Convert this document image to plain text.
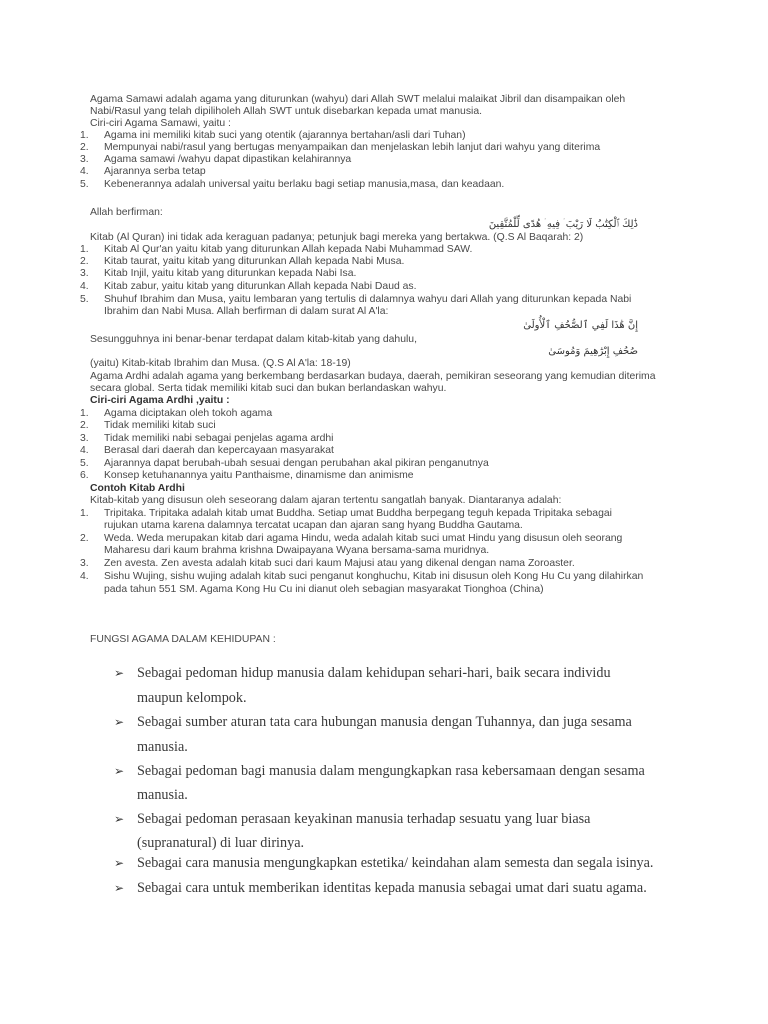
Agama Samawi adalah agama yang diturunkan (wahyu) dari Allah SWT melalui malaikat Jibril dan disampaikan oleh
Nabi/Rasul yang telah dipiliholeh Allah SWT untuk disebarkan kepada umat manusia.
Ciri-ciri Agama Samawi, yaitu :
1. Agama ini memiliki kitab suci yang otentik (ajarannya bertahan/asli dari Tuhan)
2. Mempunyai nabi/rasul yang bertugas menyampaikan dan menjelaskan lebih lanjut dari wahyu yang diterima
3. Agama samawi /wahyu dapat dipastikan kelahirannya
4. Ajarannya serba tetap
5. Kebenerannya adalah universal yaitu berlaku bagi setiap manusia,masa, dan keadaan.
Allah berfirman:
ذَٰلِكَ ٱلْكِتَٰبُ لَا رَيْبَ ۛ فِيهِ ۛ هُدًى لِّلْمُتَّقِينَ
Kitab (Al Quran) ini tidak ada keraguan padanya; petunjuk bagi mereka yang bertakwa. (Q.S Al Baqarah: 2)
1. Kitab Al Qur'an yaitu kitab yang diturunkan Allah kepada Nabi Muhammad SAW.
2. Kitab taurat, yaitu kitab yang diturunkan Allah kepada Nabi Musa.
3. Kitab Injil, yaitu kitab yang diturunkan kepada Nabi Isa.
4. Kitab zabur, yaitu kitab yang diturunkan Allah kepada Nabi Daud as.
5. Shuhuf Ibrahim dan Musa, yaitu lembaran yang tertulis di dalamnya wahyu dari Allah yang diturunkan kepada Nabi
Ibrahim dan Nabi Musa. Allah berfirman di dalam surat Al A'la:
إِنَّ هَٰذَا لَفِي ٱلصُّحُفِ ٱلْأُولَىٰ
Sesungguhnya ini benar-benar terdapat dalam kitab-kitab yang dahulu,
صُحُفِ إِبْرَٰهِيمَ وَمُوسَىٰ
(yaitu) Kitab-kitab Ibrahim dan Musa. (Q.S Al A'la: 18-19)
Agama Ardhi adalah agama yang berkembang berdasarkan budaya, daerah, pemikiran seseorang yang kemudian diterima
secara global. Serta tidak memiliki kitab suci dan bukan berlandaskan wahyu.
Ciri-ciri Agama Ardhi ,yaitu :
1. Agama diciptakan oleh tokoh agama
2. Tidak memiliki kitab suci
3. Tidak memiliki nabi sebagai penjelas agama ardhi
4. Berasal dari daerah dan kepercayaan masyarakat
5. Ajarannya dapat berubah-ubah sesuai dengan perubahan akal pikiran penganutnya
6. Konsep ketuhanannya yaitu Panthaisme, dinamisme dan animisme
Contoh Kitab Ardhi
Kitab-kitab yang disusun oleh seseorang dalam ajaran tertentu sangatlah banyak. Diantaranya adalah:
1. Tripitaka. Tripitaka adalah kitab umat Buddha. Setiap umat Buddha berpegang teguh kepada Tripitaka sebagai
rujukan utama karena dalamnya tercatat ucapan dan ajaran sang hyang Buddha Gautama.
2. Weda. Weda merupakan kitab dari agama Hindu, weda adalah kitab suci umat Hindu yang disusun oleh seorang
Maharesu dari kaum brahma krishna Dwaipayana Wyana bersama-sama muridnya.
3. Zen avesta. Zen avesta adalah kitab suci dari kaum Majusi atau yang dikenal dengan nama Zoroaster.
4. Sishu Wujing, sishu wujing adalah kitab suci penganut konghuchu, Kitab ini disusun oleh Kong Hu Cu yang dilahirkan
pada tahun 551 SM. Agama Kong Hu Cu ini dianut oleh sebagian masyarakat Tionghoa (China)
FUNGSI AGAMA DALAM KEHIDUPAN :
➢ Sebagai pedoman hidup manusia dalam kehidupan sehari-hari, baik secara individu
maupun kelompok.
➢ Sebagai sumber aturan tata cara hubungan manusia dengan Tuhannya, dan juga sesama
manusia.
➢ Sebagai pedoman bagi manusia dalam mengungkapkan rasa kebersamaan dengan sesama
manusia.
➢ Sebagai pedoman perasaan keyakinan manusia terhadap sesuatu yang luar biasa
(supranatural) di luar dirinya.
➢ Sebagai cara manusia mengungkapkan estetika/ keindahan alam semesta dan segala isinya.
➢ Sebagai cara untuk memberikan identitas kepada manusia sebagai umat dari suatu agama.
